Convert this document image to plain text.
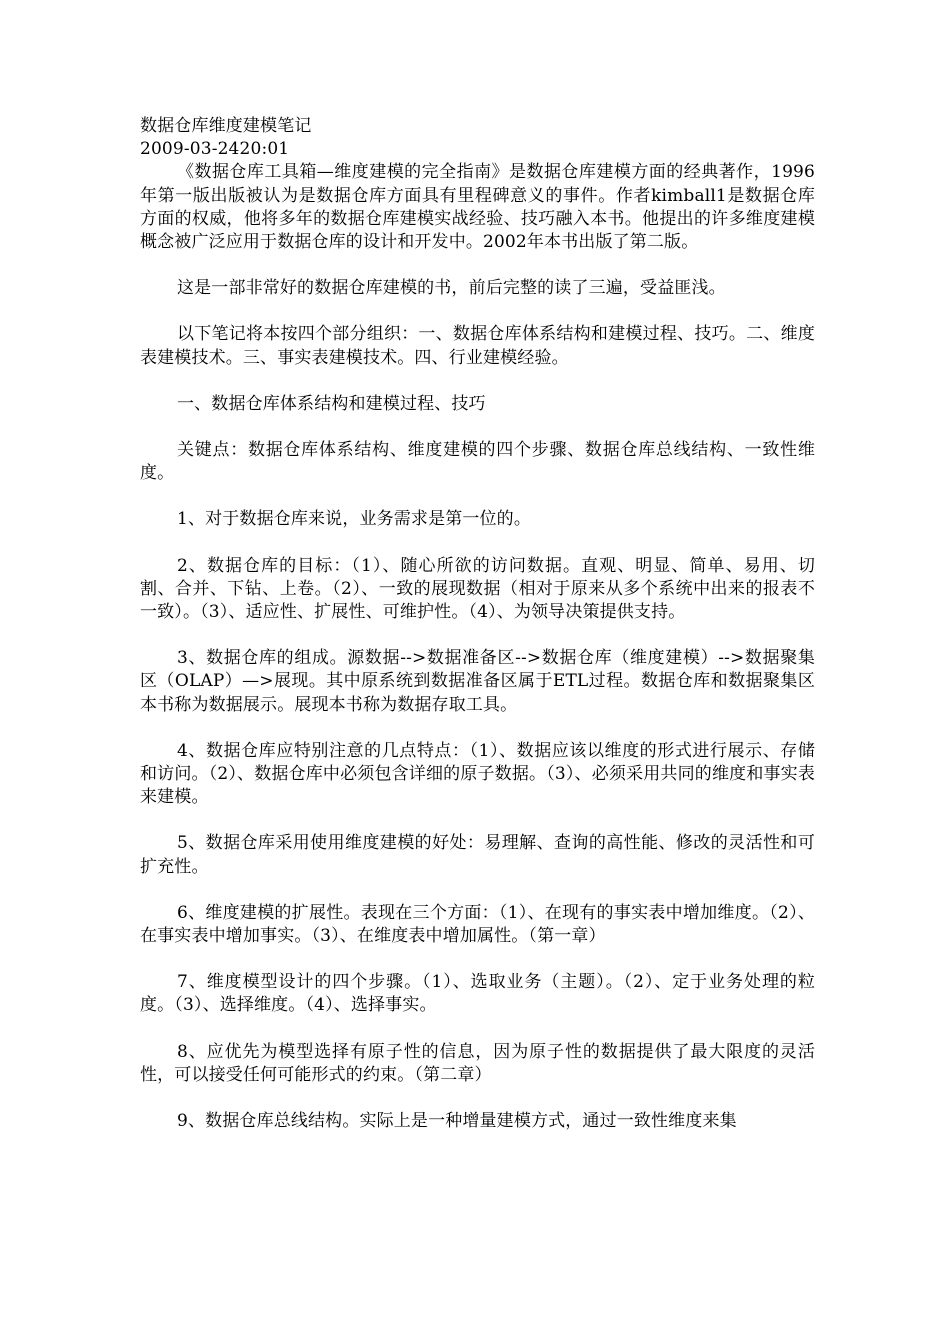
数据仓库维度建模笔记

2009-03-2420:01

《数据仓库工具箱—维度建模的完全指南》是数据仓库建模方面的经典著作，1996年第一版出版被认为是数据仓库方面具有里程碑意义的事件。作者kimball1是数据仓库方面的权威，他将多年的数据仓库建模实战经验、技巧融入本书。他提出的许多维度建模概念被广泛应用于数据仓库的设计和开发中。2002年本书出版了第二版。

这是一部非常好的数据仓库建模的书，前后完整的读了三遍，受益匪浅。

以下笔记将本按四个部分组织：一、数据仓库体系结构和建模过程、技巧。二、维度表建模技术。三、事实表建模技术。四、行业建模经验。

一、数据仓库体系结构和建模过程、技巧

关键点：数据仓库体系结构、维度建模的四个步骤、数据仓库总线结构、一致性维度。

1、对于数据仓库来说，业务需求是第一位的。

2、数据仓库的目标：（1）、随心所欲的访问数据。直观、明显、简单、易用、切割、合并、下钻、上卷。（2）、一致的展现数据（相对于原来从多个系统中出来的报表不一致）。（3）、适应性、扩展性、可维护性。（4）、为领导决策提供支持。

3、数据仓库的组成。源数据-->数据准备区-->数据仓库（维度建模）-->数据聚集区（OLAP）—>展现。其中原系统到数据准备区属于ETL过程。数据仓库和数据聚集区本书称为数据展示。展现本书称为数据存取工具。

4、数据仓库应特别注意的几点特点：（1）、数据应该以维度的形式进行展示、存储和访问。（2）、数据仓库中必须包含详细的原子数据。（3）、必须采用共同的维度和事实表来建模。

5、数据仓库采用使用维度建模的好处：易理解、查询的高性能、修改的灵活性和可扩充性。

6、维度建模的扩展性。表现在三个方面：（1）、在现有的事实表中增加维度。（2）、在事实表中增加事实。（3）、在维度表中增加属性。（第一章）

7、维度模型设计的四个步骤。（1）、选取业务（主题）。（2）、定于业务处理的粒度。（3）、选择维度。（4）、选择事实。

8、应优先为模型选择有原子性的信息，因为原子性的数据提供了最大限度的灵活性，可以接受任何可能形式的约束。（第二章）

9、数据仓库总线结构。实际上是一种增量建模方式，通过一致性维度来集
